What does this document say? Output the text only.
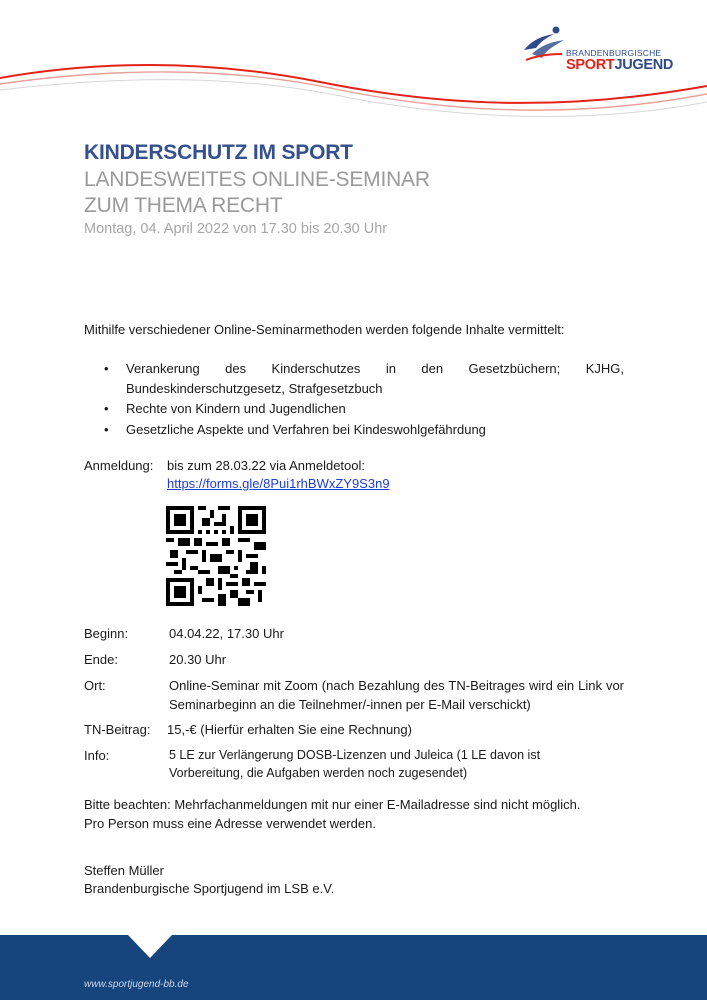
BRANDENBURGISCHE
SPORTJUGEND
KINDERSCHUTZ IM SPORT
LANDESWEITES ONLINE-SEMINAR
ZUM THEMA RECHT
Montag, 04. April 2022 von 17.30 bis 20.30 Uhr
Mithilfe verschiedener Online-Seminarmethoden werden folgende Inhalte vermittelt:
• Verankerung des Kinderschutzes in den Gesetzbüchern; KJHG, Bundeskinderschutzgesetz, Strafgesetzbuch
• Rechte von Kindern und Jugendlichen
• Gesetzliche Aspekte und Verfahren bei Kindeswohlgefährdung
Anmeldung: bis zum 28.03.22 via Anmeldetool:
https://forms.gle/8Pui1rhBWxZY9S3n9
Beginn:	04.04.22, 17.30 Uhr
Ende:	20.30 Uhr
Ort:	Online-Seminar mit Zoom (nach Bezahlung des TN-Beitrages wird ein Link vor Seminarbeginn an die Teilnehmer/-innen per E-Mail verschickt)
TN-Beitrag: 15,-€ (Hierfür erhalten Sie eine Rechnung)
Info:	5 LE zur Verlängerung DOSB-Lizenzen und Juleica (1 LE davon ist Vorbereitung, die Aufgaben werden noch zugesendet)
Bitte beachten: Mehrfachanmeldungen mit nur einer E-Mailadresse sind nicht möglich.
Pro Person muss eine Adresse verwendet werden.
Steffen Müller
Brandenburgische Sportjugend im LSB e.V.
www.sportjugend-bb.de
